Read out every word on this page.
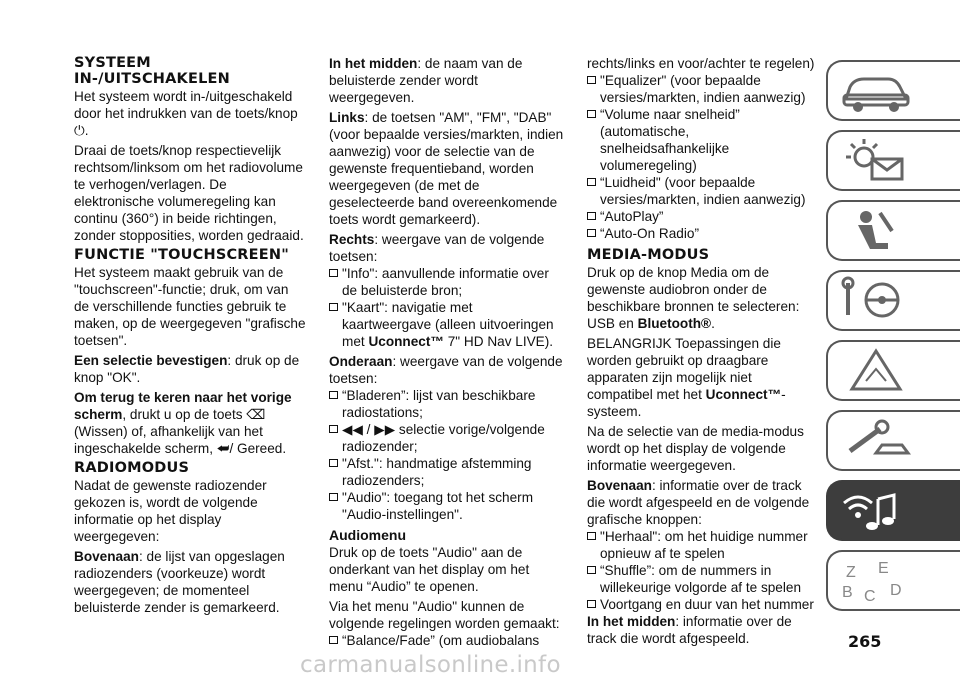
SYSTEEM IN-/UITSCHAKELEN

Het systeem wordt in-/uitgeschakeld door het indrukken van de toets/knop ⏻.

Draai de toets/knop respectievelijk rechtsom/linksom om het radiovolume te verhogen/verlagen. De elektronische volumeregeling kan continu (360°) in beide richtingen, zonder stopposities, worden gedraaid.

FUNCTIE "TOUCHSCREEN"

Het systeem maakt gebruik van de "touchscreen"-functie; druk, om van de verschillende functies gebruik te maken, op de weergegeven "grafische toetsen".

Een selectie bevestigen: druk op de knop "OK".

Om terug te keren naar het vorige scherm, drukt u op de toets ⌫ (Wissen) of, afhankelijk van het ingeschakelde scherm, ⮨/ Gereed.

RADIOMODUS

Nadat de gewenste radiozender gekozen is, wordt de volgende informatie op het display weergegeven:

Bovenaan: de lijst van opgeslagen radiozenders (voorkeuze) wordt weergegeven; de momenteel beluisterde zender is gemarkeerd.

In het midden: de naam van de beluisterde zender wordt weergegeven.

Links: de toetsen "AM", "FM", "DAB" (voor bepaalde versies/markten, indien aanwezig) voor de selectie van de gewenste frequentieband, worden weergegeven (de met de geselecteerde band overeenkomende toets wordt gemarkeerd).

Rechts: weergave van de volgende toetsen:

"Info": aanvullende informatie over de beluisterde bron;
"Kaart": navigatie met kaartweergave (alleen uitvoeringen met Uconnect™ 7" HD Nav LIVE).

Onderaan: weergave van de volgende toetsen:

“Bladeren”: lijst van beschikbare radiostations;
◀◀ / ▶▶ selectie vorige/volgende radiozender;
"Afst.": handmatige afstemming radiozenders;
"Audio": toegang tot het scherm "Audio-instellingen".
Audiomenu

Druk op de toets "Audio" aan de onderkant van het display om het menu “Audio” te openen.

Via het menu "Audio" kunnen de volgende regelingen worden gemaakt:

“Balance/Fade” (om audiobalans
rechts/links en voor/achter te regelen)
"Equalizer" (voor bepaalde versies/markten, indien aanwezig)
“Volume naar snelheid” (automatische, snelheidsafhankelijke volumeregeling)
“Luidheid" (voor bepaalde versies/markten, indien aanwezig)
“AutoPlay”
“Auto-On Radio”
MEDIA-MODUS

Druk op de knop Media om de gewenste audiobron onder de beschikbare bronnen te selecteren: USB en Bluetooth®.

BELANGRIJK Toepassingen die worden gebruikt op draagbare apparaten zijn mogelijk niet compatibel met het Uconnect™-systeem.

Na de selectie van de media-modus wordt op het display de volgende informatie weergegeven.

Bovenaan: informatie over de track die wordt afgespeeld en de volgende grafische knoppen:

"Herhaal": om het huidige nummer opnieuw af te spelen
“Shuffle”: om de nummers in willekeurige volgorde af te spelen
Voortgang en duur van het nummer

In het midden: informatie over de track die wordt afgespeeld.

Z E
B C D
265
carmanualsonline.info
